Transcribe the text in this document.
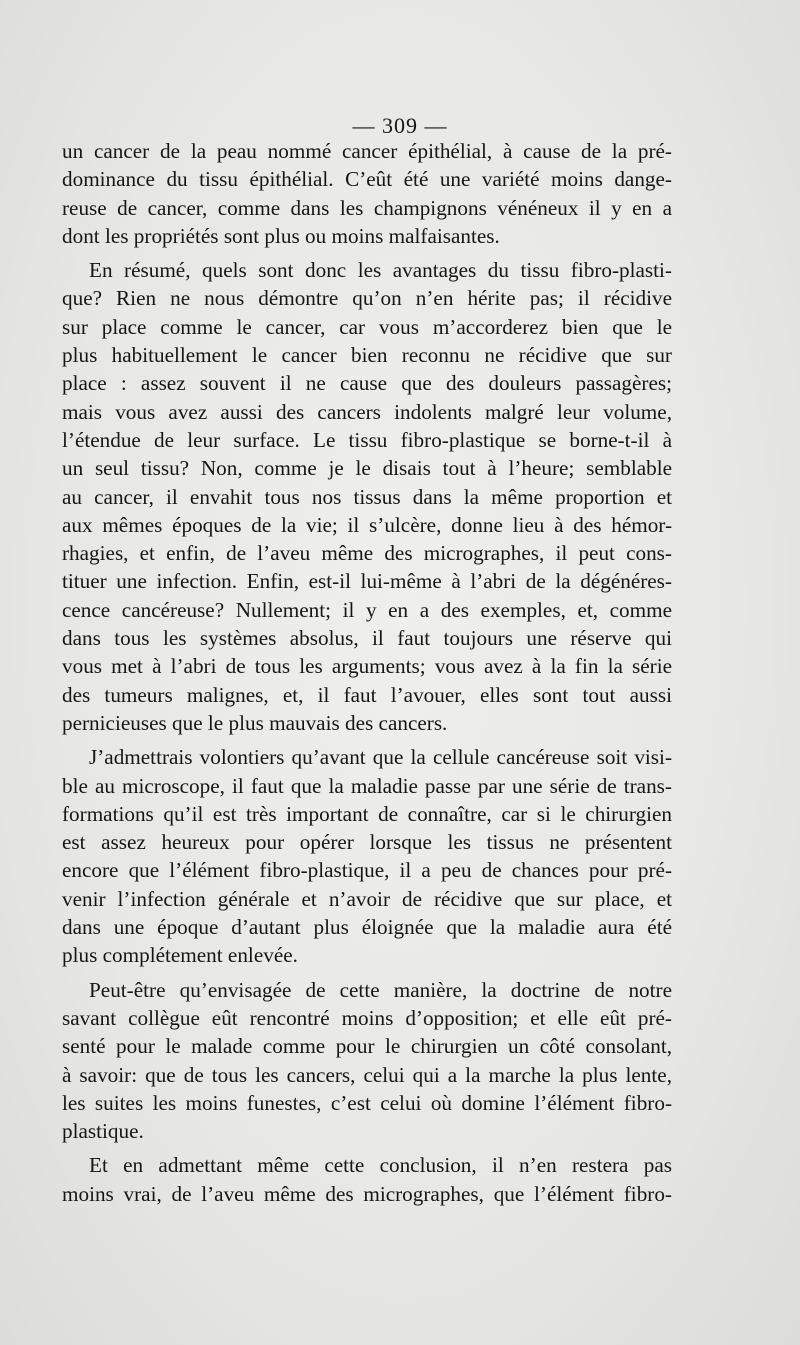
— 309 —
un cancer de la peau nommé cancer épithélial, à cause de la pré-
dominance du tissu épithélial. C’eût été une variété moins dange-
reuse de cancer, comme dans les champignons vénéneux il y en a
dont les propriétés sont plus ou moins malfaisantes.
En résumé, quels sont donc les avantages du tissu fibro-plasti-
que? Rien ne nous démontre qu’on n’en hérite pas; il récidive
sur place comme le cancer, car vous m’accorderez bien que le
plus habituellement le cancer bien reconnu ne récidive que sur
place : assez souvent il ne cause que des douleurs passagères;
mais vous avez aussi des cancers indolents malgré leur volume,
l’étendue de leur surface. Le tissu fibro-plastique se borne-t-il à
un seul tissu? Non, comme je le disais tout à l’heure; semblable
au cancer, il envahit tous nos tissus dans la même proportion et
aux mêmes époques de la vie; il s’ulcère, donne lieu à des hémor-
rhagies, et enfin, de l’aveu même des micrographes, il peut cons-
tituer une infection. Enfin, est-il lui-même à l’abri de la dégénéres-
cence cancéreuse? Nullement; il y en a des exemples, et, comme
dans tous les systèmes absolus, il faut toujours une réserve qui
vous met à l’abri de tous les arguments; vous avez à la fin la série
des tumeurs malignes, et, il faut l’avouer, elles sont tout aussi
pernicieuses que le plus mauvais des cancers.
J’admettrais volontiers qu’avant que la cellule cancéreuse soit visi-
ble au microscope, il faut que la maladie passe par une série de trans-
formations qu’il est très important de connaître, car si le chirurgien
est assez heureux pour opérer lorsque les tissus ne présentent
encore que l’élément fibro-plastique, il a peu de chances pour pré-
venir l’infection générale et n’avoir de récidive que sur place, et
dans une époque d’autant plus éloignée que la maladie aura été
plus complétement enlevée.
Peut-être qu’envisagée de cette manière, la doctrine de notre
savant collègue eût rencontré moins d’opposition; et elle eût pré-
senté pour le malade comme pour le chirurgien un côté consolant,
à savoir: que de tous les cancers, celui qui a la marche la plus lente,
les suites les moins funestes, c’est celui où domine l’élément fibro-
plastique.
Et en admettant même cette conclusion, il n’en restera pas
moins vrai, de l’aveu même des micrographes, que l’élément fibro-
